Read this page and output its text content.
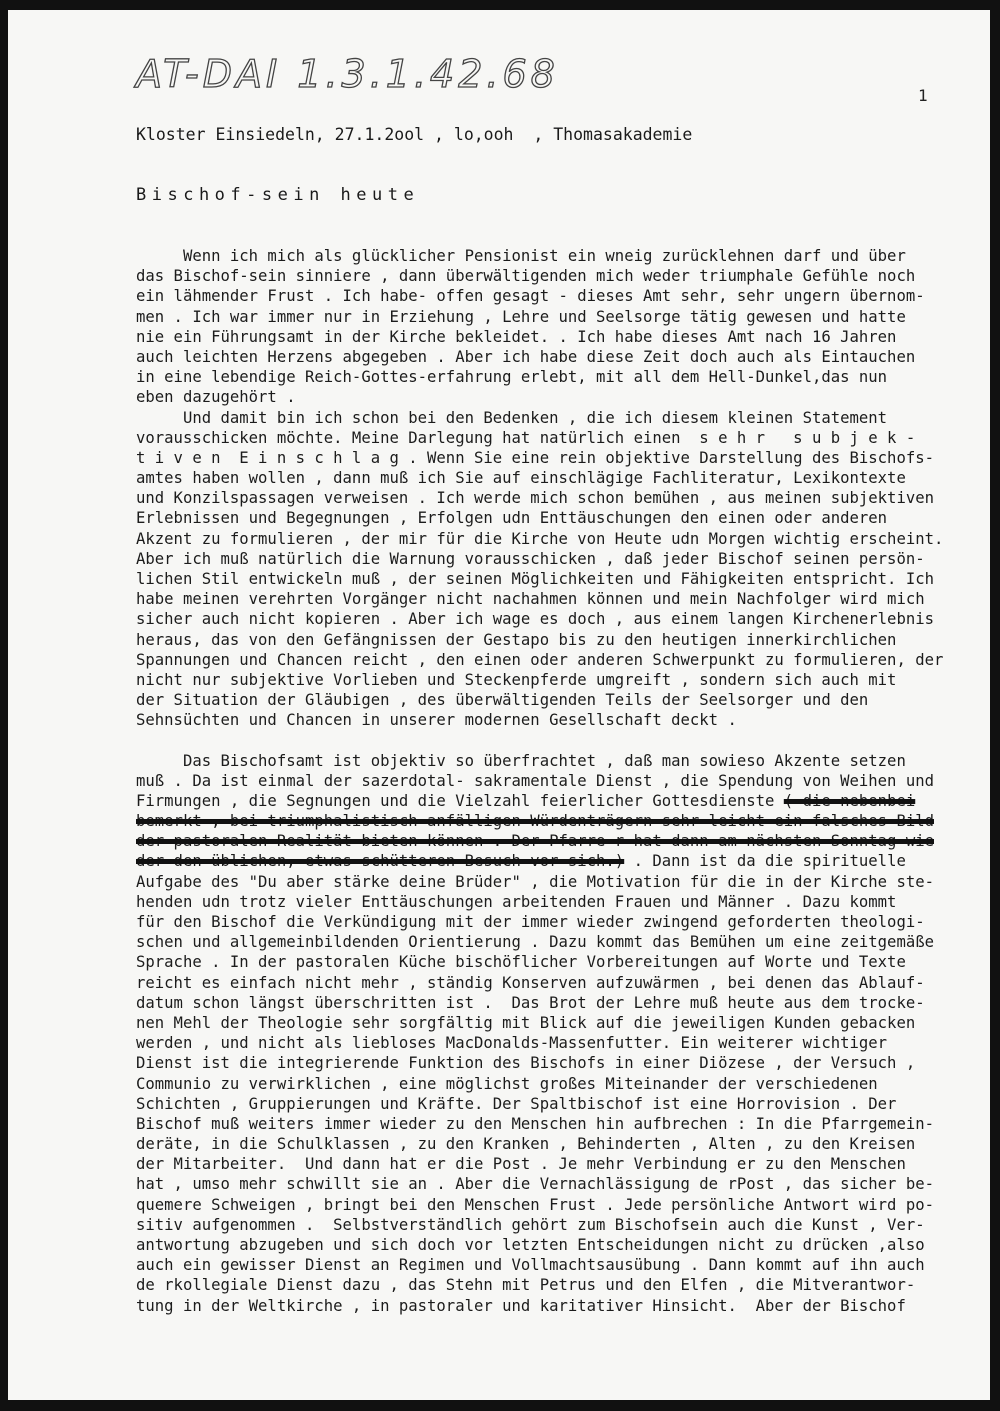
AT-DAI 1.3.1.42.68	1
Kloster Einsiedeln, 27.1.2ool , lo,ooh  , Thomasakademie
Bischof-sein heute
Wenn ich mich als glücklicher Pensionist ein wneig zurücklehnen darf und über
das Bischof-sein sinniere , dann überwältigenden mich weder triumphale Gefühle noch
ein lähmender Frust . Ich habe- offen gesagt - dieses Amt sehr, sehr ungern übernom-
men . Ich war immer nur in Erziehung , Lehre und Seelsorge tätig gewesen und hatte
nie ein Führungsamt in der Kirche bekleidet. . Ich habe dieses Amt nach 16 Jahren
auch leichten Herzens abgegeben . Aber ich habe diese Zeit doch auch als Eintauchen
in eine lebendige Reich-Gottes-erfahrung erlebt, mit all dem Hell-Dunkel,das nun
eben dazugehört .
Und damit bin ich schon bei den Bedenken , die ich diesem kleinen Statement
vorausschicken möchte. Meine Darlegung hat natürlich einen  s e h r   s u b j e k -
t i v e n  E i n s c h l a g . Wenn Sie eine rein objektive Darstellung des Bischofs-
amtes haben wollen , dann muß ich Sie auf einschlägige Fachliteratur, Lexikontexte
und Konzilspassagen verweisen . Ich werde mich schon bemühen , aus meinen subjektiven
Erlebnissen und Begegnungen , Erfolgen udn Enttäuschungen den einen oder anderen
Akzent zu formulieren , der mir für die Kirche von Heute udn Morgen wichtig erscheint.
Aber ich muß natürlich die Warnung vorausschicken , daß jeder Bischof seinen persön-
lichen Stil entwickeln muß , der seinen Möglichkeiten und Fähigkeiten entspricht. Ich
habe meinen verehrten Vorgänger nicht nachahmen können und mein Nachfolger wird mich
sicher auch nicht kopieren . Aber ich wage es doch , aus einem langen Kirchenerlebnis
heraus, das von den Gefängnissen der Gestapo bis zu den heutigen innerkirchlichen
Spannungen und Chancen reicht , den einen oder anderen Schwerpunkt zu formulieren, der
nicht nur subjektive Vorlieben und Steckenpferde umgreift , sondern sich auch mit
der Situation der Gläubigen , des überwältigenden Teils der Seelsorger und den
Sehnsüchten und Chancen in unserer modernen Gesellschaft deckt .
Das Bischofsamt ist objektiv so überfrachtet , daß man sowieso Akzente setzen
muß . Da ist einmal der sazerdotal- sakramentale Dienst , die Spendung von Weihen und
Firmungen , die Segnungen und die Vielzahl feierlicher Gottesdienste ( die nebenbei
bemerkt , bei triumphalistisch anfälligen Würdenträgern sehr leicht ein falsches Bild
der pastoralen Realität bieten können . Der Pfarre r hat dann am nächsten Sonntag wie
der den üblichen, etwas schütteren Besuch vor sich.) . Dann ist da die spirituelle
Aufgabe des "Du aber stärke deine Brüder" , die Motivation für die in der Kirche ste-
henden udn trotz vieler Enttäuschungen arbeitenden Frauen und Männer . Dazu kommt
für den Bischof die Verkündigung mit der immer wieder zwingend geforderten theologi-
schen und allgemeinbildenden Orientierung . Dazu kommt das Bemühen um eine zeitgemäße
Sprache . In der pastoralen Küche bischöflicher Vorbereitungen auf Worte und Texte
reicht es einfach nicht mehr , ständig Konserven aufzuwärmen , bei denen das Ablauf-
datum schon längst überschritten ist .  Das Brot der Lehre muß heute aus dem trocke-
nen Mehl der Theologie sehr sorgfältig mit Blick auf die jeweiligen Kunden gebacken
werden , und nicht als liebloses MacDonalds-Massenfutter. Ein weiterer wichtiger
Dienst ist die integrierende Funktion des Bischofs in einer Diözese , der Versuch ,
Communio zu verwirklichen , eine möglichst großes Miteinander der verschiedenen
Schichten , Gruppierungen und Kräfte. Der Spaltbischof ist eine Horrovision . Der
Bischof muß weiters immer wieder zu den Menschen hin aufbrechen : In die Pfarrgemein-
deräte, in die Schulklassen , zu den Kranken , Behinderten , Alten , zu den Kreisen
der Mitarbeiter.  Und dann hat er die Post . Je mehr Verbindung er zu den Menschen
hat , umso mehr schwillt sie an . Aber die Vernachlässigung de rPost , das sicher be-
quemere Schweigen , bringt bei den Menschen Frust . Jede persönliche Antwort wird po-
sitiv aufgenommen .  Selbstverständlich gehört zum Bischofsein auch die Kunst , Ver-
antwortung abzugeben und sich doch vor letzten Entscheidungen nicht zu drücken ,also
auch ein gewisser Dienst an Regimen und Vollmachtsausübung . Dann kommt auf ihn auch
de rkollegiale Dienst dazu , das Stehn mit Petrus und den Elfen , die Mitverantwor-
tung in der Weltkirche , in pastoraler und karitativer Hinsicht.  Aber der Bischof
